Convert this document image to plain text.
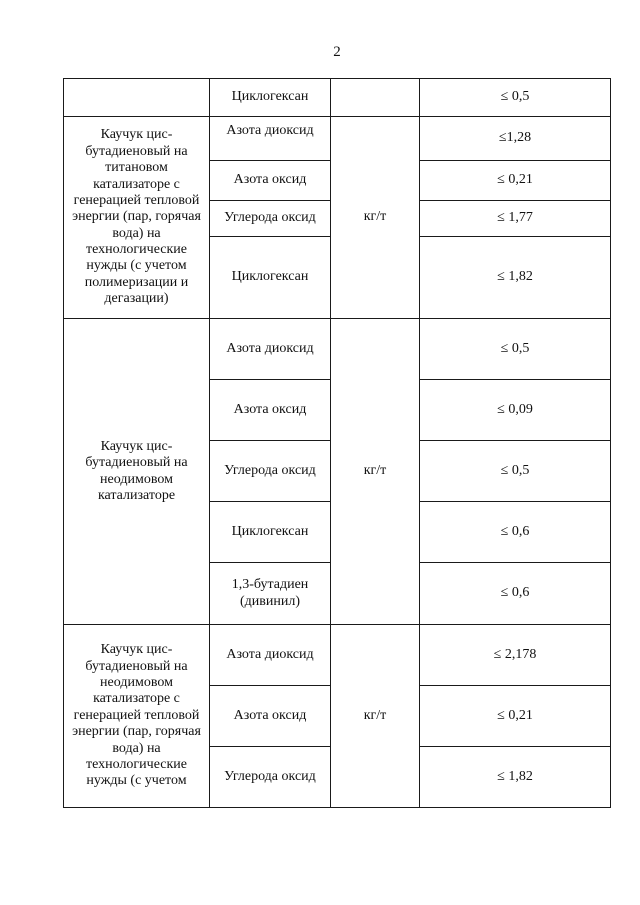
2
	Циклогексан		≤ 0,5
Каучук цис-бутадиеновый на титановом катализаторе с генерацией тепловой энергии (пар, горячая вода) на технологические нужды (с учетом полимеризации и дегазации)	Азота диоксид	кг/т	≤1,28
	Азота оксид		≤ 0,21
	Углерода оксид		≤ 1,77
	Циклогексан		≤ 1,82
Каучук цис-бутадиеновый на неодимовом катализаторе	Азота диоксид	кг/т	≤ 0,5
	Азота оксид		≤ 0,09
	Углерода оксид		≤ 0,5
	Циклогексан		≤ 0,6
	1,3-бутадиен (дивинил)		≤ 0,6
Каучук цис-бутадиеновый на неодимовом катализаторе с генерацией тепловой энергии (пар, горячая вода) на технологические нужды (с учетом	Азота диоксид	кг/т	≤ 2,178
	Азота оксид		≤ 0,21
	Углерода оксид		≤ 1,82
